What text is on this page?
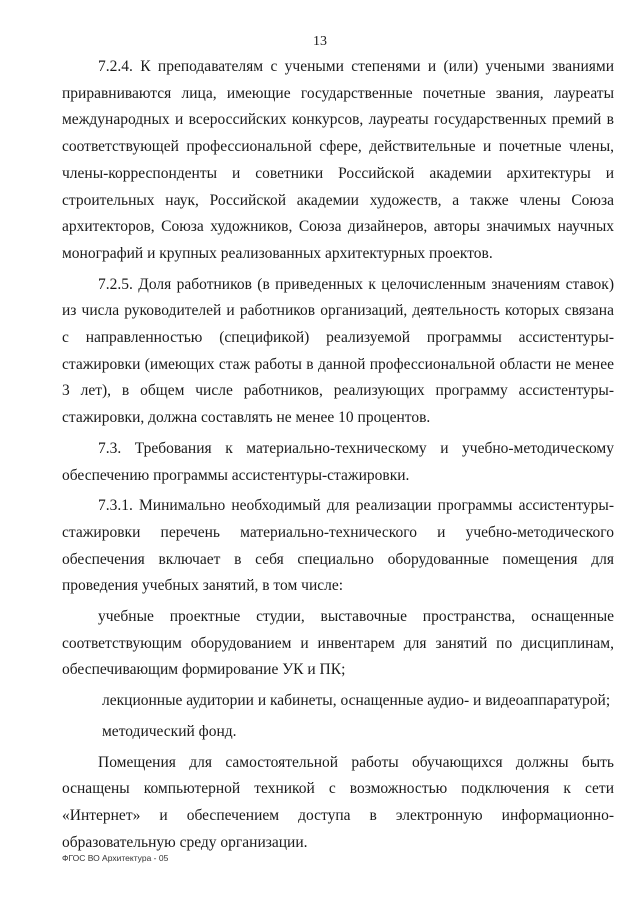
13

7.2.4. К преподавателям с учеными степенями и (или) учеными званиями приравниваются лица, имеющие государственные почетные звания, лауреаты международных и всероссийских конкурсов, лауреаты государственных премий в соответствующей профессиональной сфере, действительные и почетные члены, члены-корреспонденты и советники Российской академии архитектуры и строительных наук, Российской академии художеств, а также члены Союза архитекторов, Союза художников, Союза дизайнеров, авторы значимых научных монографий и крупных реализованных архитектурных проектов.

7.2.5. Доля работников (в приведенных к целочисленным значениям ставок) из числа руководителей и работников организаций, деятельность которых связана с направленностью (спецификой) реализуемой программы ассистентуры-стажировки (имеющих стаж работы в данной профессиональной области не менее 3 лет), в общем числе работников, реализующих программу ассистентуры-стажировки, должна составлять не менее 10 процентов.

7.3. Требования к материально-техническому и учебно-методическому обеспечению программы ассистентуры-стажировки.

7.3.1. Минимально необходимый для реализации программы ассистентуры-стажировки перечень материально-технического и учебно-методического обеспечения включает в себя специально оборудованные помещения для проведения учебных занятий, в том числе:

учебные проектные студии, выставочные пространства, оснащенные соответствующим оборудованием и инвентарем для занятий по дисциплинам, обеспечивающим формирование УК и ПК;

лекционные аудитории и кабинеты, оснащенные аудио- и видеоаппаратурой;

методический фонд.

Помещения для самостоятельной работы обучающихся должны быть оснащены компьютерной техникой с возможностью подключения к сети «Интернет» и обеспечением доступа в электронную информационно-образовательную среду организации.

ФГОС ВО Архитектура - 05
